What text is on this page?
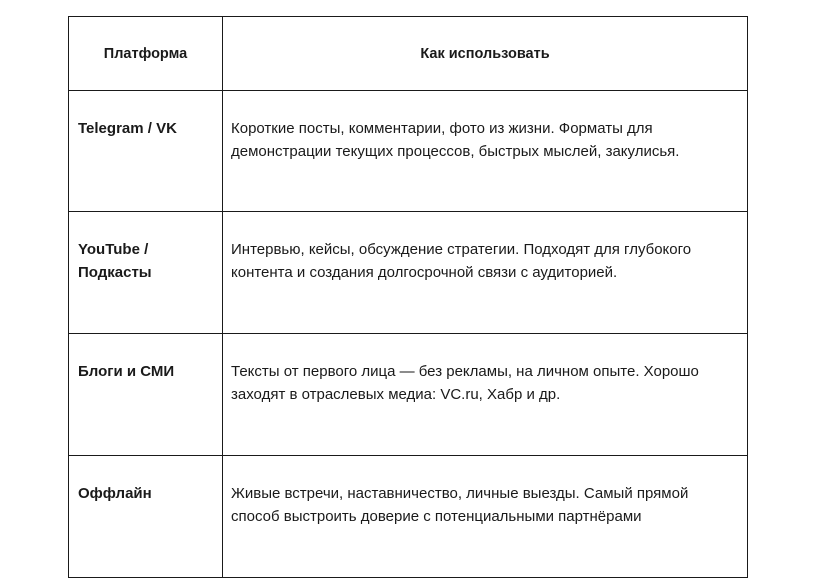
Платформа	Как использовать

Telegram / VK	Короткие посты, комментарии, фото из жизни. Форматы для демонстрации текущих процессов, быстрых мыслей, закулисья.

YouTube / Подкасты	Интервью, кейсы, обсуждение стратегии. Подходят для глубокого контента и создания долгосрочной связи с аудиторией.

Блоги и СМИ	Тексты от первого лица — без рекламы, на личном опыте. Хорошо заходят в отраслевых медиа: VC.ru, Хабр и др.

Оффлайн	Живые встречи, наставничество, личные выезды. Самый прямой способ выстроить доверие с потенциальными партнёрами
